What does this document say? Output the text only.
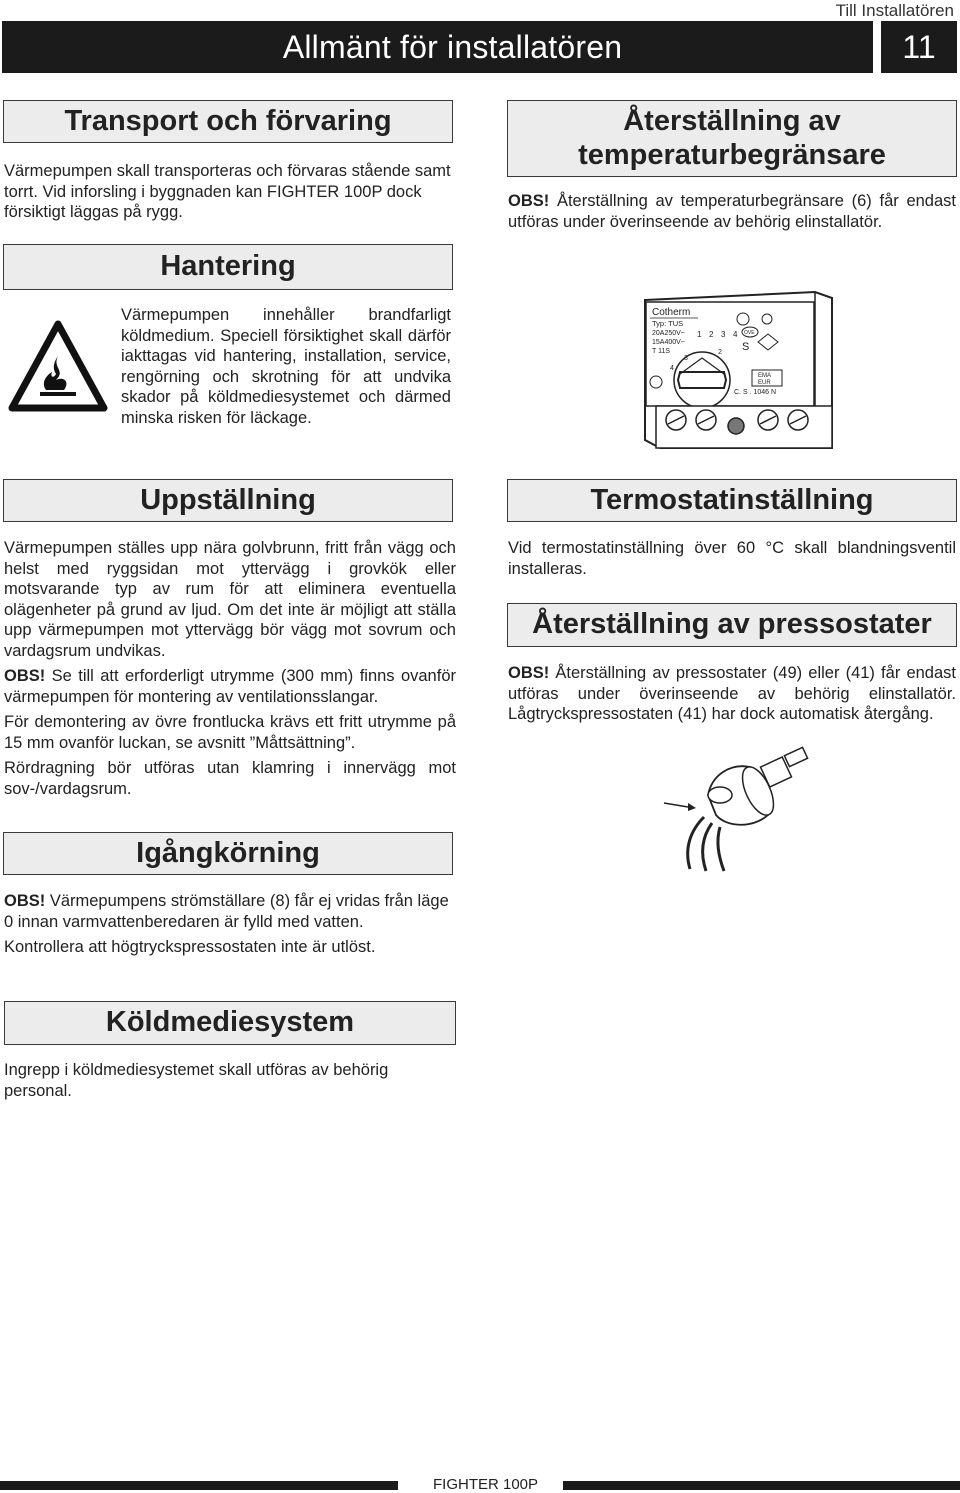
Till Installatören
Allmänt för installatören	11
Transport och förvaring
Värmepumpen skall transporteras och förvaras stående samt torrt. Vid inforsling i byggnaden kan FIGHTER 100P dock försiktigt läggas på rygg.
Hantering
Värmepumpen innehåller brandfarligt köldmedium. Speciell försiktighet skall därför iakttagas vid hantering, installation, service, rengörning och skrotning för att undvika skador på köldmediesystemet och därmed minska risken för läckage.
Uppställning

Värmepumpen ställes upp nära golvbrunn, fritt från vägg och helst med ryggsidan mot yttervägg i grovkök eller motsvarande typ av rum för att eliminera eventuella olägenheter på grund av ljud. Om det inte är möjligt att ställa upp värmepumpen mot yttervägg bör vägg mot sovrum och vardagsrum undvikas.

OBS! Se till att erforderligt utrymme (300 mm) finns ovanför värmepumpen för montering av ventilationsslangar.

För demontering av övre frontlucka krävs ett fritt utrymme på 15 mm ovanför luckan, se avsnitt ”Måttsättning”.

Rördragning bör utföras utan klamring i innervägg mot sov-/vardagsrum.

Igångkörning

OBS! Värmepumpens strömställare (8) får ej vridas från läge 0 innan varmvattenberedaren är fylld med vatten.

Kontrollera att högtryckspressostaten inte är utlöst.

Köldmediesystem
Ingrepp i köldmediesystemet skall utföras av behörig personal.
Återställning av temperaturbegränsare
OBS! Återställning av temperaturbegränsare (6) får endast utföras under överinseende av behörig elinstallatör.
Cotherm
Typ: TUS
20A250V~
15A400V~
T 11S
1 2 3 4 OVE
S
3
4
2
EMA
EUR
C. S . 1046 N
Termostatinställning
Vid termostatinställning över 60 °C skall blandningsventil installeras.
Återställning av pressostater
OBS! Återställning av pressostater (49) eller (41) får endast utföras under överinseende av behörig elinstallatör. Lågtryckspressostaten (41) har dock automatisk återgång.
FIGHTER 100P
